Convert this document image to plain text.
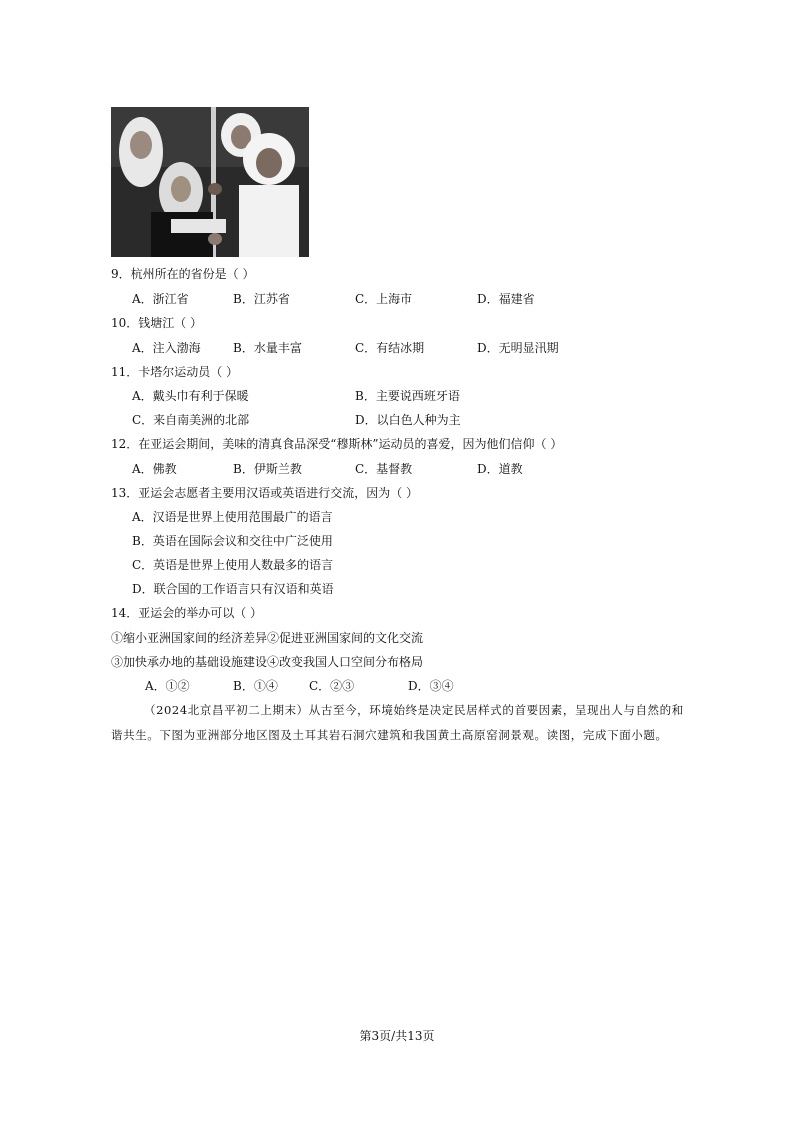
9．杭州所在的省份是（ ）
A．浙江省	B．江苏省	C．上海市	D．福建省
10．钱塘江（ ）
A．注入渤海	B．水量丰富	C．有结冰期	D．无明显汛期
11．卡塔尔运动员（ ）
A．戴头巾有利于保暖	B．主要说西班牙语
C．来自南美洲的北部	D．以白色人种为主
12．在亚运会期间，美味的清真食品深受“穆斯林”运动员的喜爱，因为他们信仰（ ）
A．佛教	B．伊斯兰教	C．基督教	D．道教
13．亚运会志愿者主要用汉语或英语进行交流，因为（ ）
A．汉语是世界上使用范围最广的语言
B．英语在国际会议和交往中广泛使用
C．英语是世界上使用人数最多的语言
D．联合国的工作语言只有汉语和英语
14．亚运会的举办可以（ ）
①缩小亚洲国家间的经济差异②促进亚洲国家间的文化交流
③加快承办地的基础设施建设④改变我国人口空间分布格局
A．①②	B．①④	C．②③	D．③④
（2024北京昌平初二上期末）从古至今，环境始终是决定民居样式的首要因素，呈现出人与自然的和
谐共生。下图为亚洲部分地区图及土耳其岩石洞穴建筑和我国黄土高原窑洞景观。读图，完成下面小题。
第3页/共13页
